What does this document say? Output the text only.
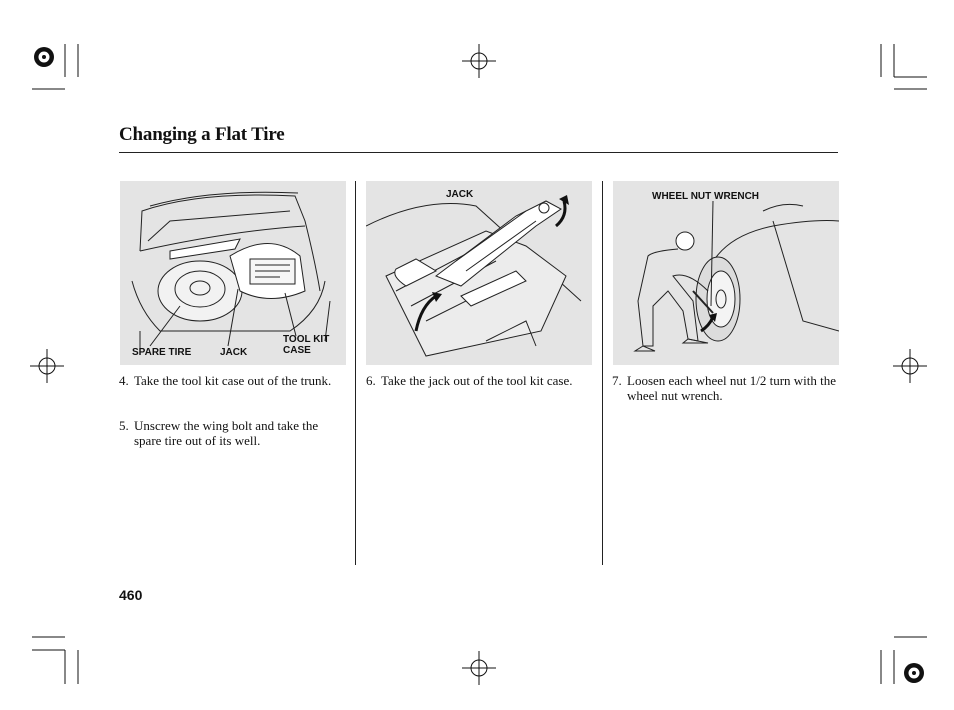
Changing a Flat Tire
SPARE TIRE	JACK
TOOL KIT
CASE
JACK	WHEEL NUT WRENCH
4. Take the tool kit case out of the trunk.
5. Unscrew the wing bolt and take the spare tire out of its well.
6. Take the jack out of the tool kit case.	7. Loosen each wheel nut 1/2 turn with the wheel nut wrench.
460
